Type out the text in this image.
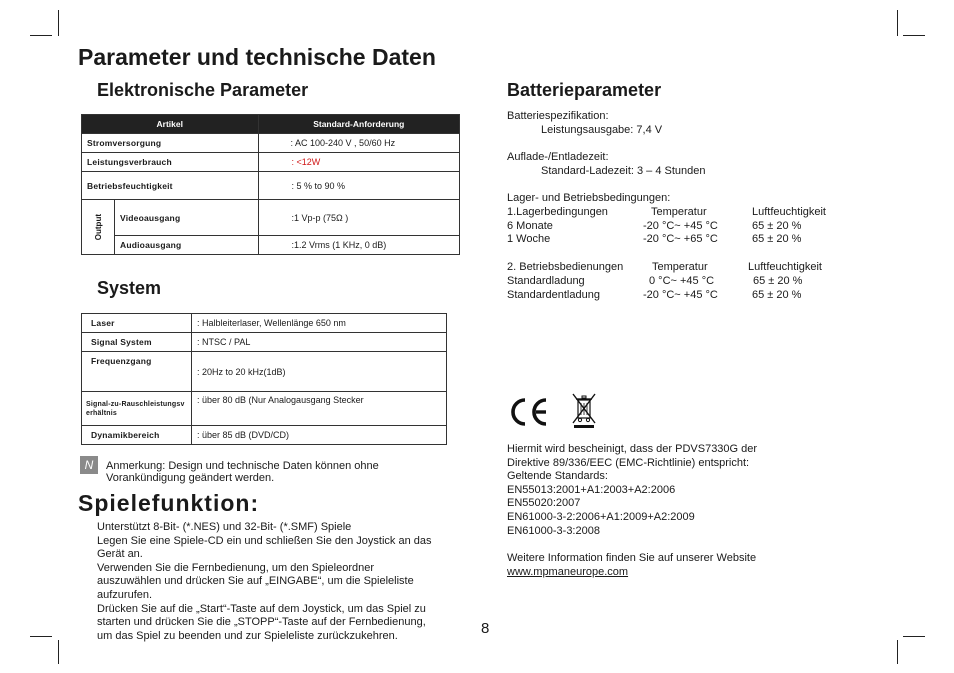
Parameter und technische Daten
Elektronische Parameter
Artikel		Standard-Anforderung
Stromversorgung		: AC 100-240 V , 50/60 Hz
Leistungsverbrauch		: <12W
Betriebsfeuchtigkeit		: 5 % to 90 %

Output	Videoausgang	:1 Vp-p (75Ω )
	Audioausgang	:1.2 Vrms (1 KHz, 0 dB)
System
Laser	: Halbleiterlaser, Wellenlänge 650 nm
Signal System	: NTSC / PAL
Frequenzgang	: 20Hz to 20 kHz(1dB)

Signal-zu-Rauschleistungsverhältnis	: über 80 dB (Nur Analogausgang Stecker
Dynamikbereich	: über 85 dB (DVD/CD)
N	Anmerkung: Design und technische Daten können ohne
Vorankündigung geändert werden.
Spielefunktion:
Unterstützt 8-Bit- (*.NES) und 32-Bit- (*.SMF) Spiele
Legen Sie eine Spiele-CD ein und schließen Sie den Joystick an das
Gerät an.
Verwenden Sie die Fernbedienung, um den Spieleordner
auszuwählen und drücken Sie auf „EINGABE“, um die Spieleliste
aufzurufen.
Drücken Sie auf die „Start“-Taste auf dem Joystick, um das Spiel zu
starten und drücken Sie die „STOPP“-Taste auf der Fernbedienung,
um das Spiel zu beenden und zur Spieleliste zurückzukehren.	8
Batterieparameter
Batteriespezifikation:
Leistungsausgabe: 7,4 V
Auflade-/Entladezeit:
Standard-Ladezeit: 3 – 4 Stunden
Lager- und Betriebsbedingungen:
1.Lagerbedingungen	Temperatur	Luftfeuchtigkeit
6 Monate	-20 °C~ +45 °C	65 ± 20 %
1 Woche	-20 °C~ +65 °C	65 ± 20 %
2. Betriebsbedienungen	Temperatur	Luftfeuchtigkeit
Standardladung	0 °C~ +45 °C	65 ± 20 %
Standardentladung	-20 °C~ +45 °C	65 ± 20 %
Hiermit wird bescheinigt, dass der PDVS7330G der
Direktive 89/336/EEC (EMC-Richtlinie) entspricht:
Geltende Standards:
EN55013:2001+A1:2003+A2:2006
EN55020:2007
EN61000-3-2:2006+A1:2009+A2:2009
EN61000-3-3:2008
Weitere Information finden Sie auf unserer Website
www.mpmaneurope.com
